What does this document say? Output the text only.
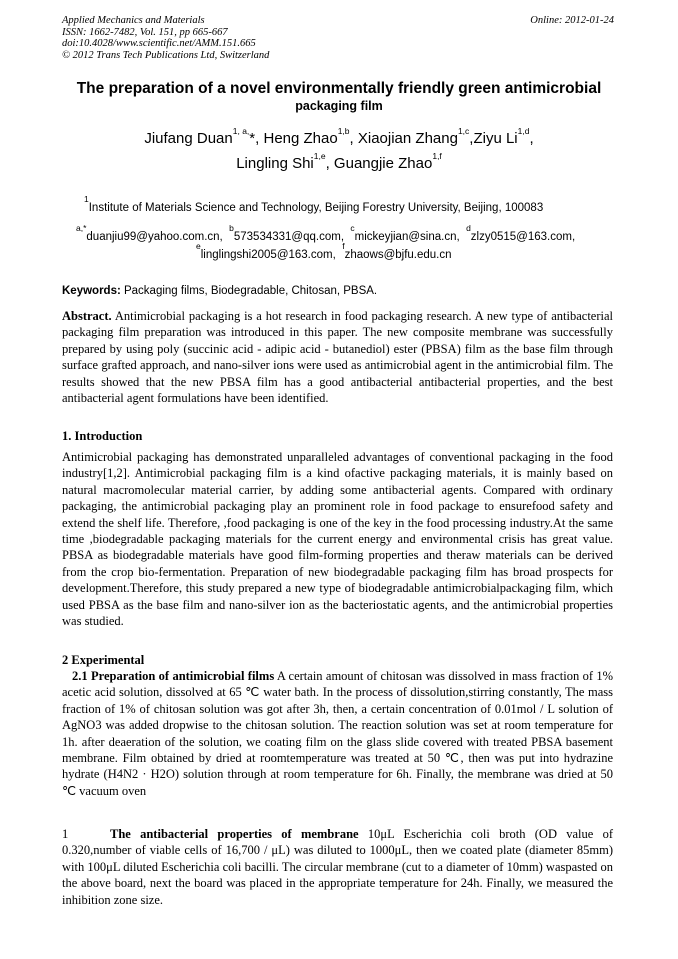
Applied Mechanics and Materials
ISSN: 1662-7482, Vol. 151, pp 665-667
doi:10.4028/www.scientific.net/AMM.151.665
© 2012 Trans Tech Publications Ltd, Switzerland
Online: 2012-01-24
The preparation of a novel environmentally friendly green antimicrobial
packaging film
Jiufang Duan$^{1, a,}$*, Heng Zhao$^{1,b}$, Xiaojian Zhang$^{1,c}$,Ziyu Li$^{1,d}$,
Lingling Shi$^{1,e}$, Guangjie Zhao$^{1,f}$
$^1$Institute of Materials Science and Technology, Beijing Forestry University, Beijing, 100083
$^{a,*}$duanjiu99@yahoo.com.cn,  $^b$573534331@qq.com,  $^c$mickeyjian@sina.cn,  $^d$zlzy0515@163.com,
$^e$linglingshi2005@163.com,  $^f$zhaows@bjfu.edu.cn
Keywords: Packaging films, Biodegradable, Chitosan, PBSA.
Abstract. Antimicrobial packaging is a hot research in food packaging research. A new type of antibacterial packaging film preparation was introduced in this paper. The new composite membrane was successfully prepared by using poly (succinic acid - adipic acid - butanediol) ester (PBSA) film as the base film through surface grafted approach, and nano-silver ions were used as antimicrobial agent in the antimicrobial film. The results showed that the new PBSA film has a good antibacterial antibacterial properties, and the best antibacterial agent formulations have been identified.
1. Introduction
Antimicrobial packaging has demonstrated unparalleled advantages of conventional packaging in the food industry[1,2]. Antimicrobial packaging film is a kind ofactive packaging materials, it is mainly based on natural macromolecular material carrier, by adding some antibacterial agents. Compared with ordinary packaging, the antimicrobial packaging play an prominent role in food package to ensurefood safety and extend the shelf life. Therefore, ,food packaging is one of the key in the food processing industry.At the same time ,biodegradable packaging materials for the current energy and environmental crisis has great value. PBSA as biodegradable materials have good film-forming properties and theraw materials can be derived from the crop bio-fermentation. Preparation of new biodegradable packaging film has broad prospects for development.Therefore, this study prepared a new type of biodegradable antimicrobialpackaging film, which used PBSA as the base film and nano-silver ion as the bacteriostatic agents, and the antimicrobial properties was studied.
2 Experimental
2.1 Preparation of antimicrobial films A certain amount of chitosan was dissolved in mass fraction of 1% acetic acid solution, dissolved at 65 ℃ water bath. In the process of dissolution,stirring constantly, The mass fraction of 1% of chitosan solution was got after 3h, then, a certain concentration of 0.01mol / L solution of AgNO3 was added dropwise to the chitosan solution. The reaction solution was set at room temperature for 1h. after deaeration of the solution, we coating film on the glass slide covered with treated PBSA basement membrane. Film obtained by dried at roomtemperature was treated at 50 ℃, then was put into hydrazine hydrate (H4N2 · H2O) solution through at room temperature for 6h. Finally, the membrane was dried at 50 ℃ vacuum oven
1	The antibacterial properties of membrane 10μL Escherichia coli broth (OD value of 0.320,number of viable cells of 16,700 / μL) was diluted to 1000μL, then we coated plate (diameter 85mm) with 100μL diluted Escherichia coli bacilli. The circular membrane (cut to a diameter of 10mm) waspasted on the above board, next the board was placed in the appropriate temperature for 24h. Finally, we measured the inhibition zone size.
